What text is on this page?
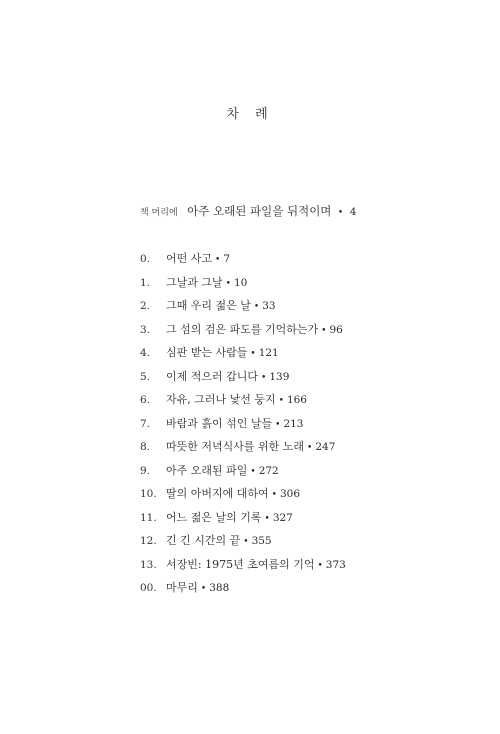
차 례
책 머리에 아주 오래된 파일을 뒤적이며 • 4
0.	어떤 사고 • 7
1.	그날과 그날 • 10
2.	그때 우리 젊은 날 • 33
3.	그 섬의 검은 파도를 기억하는가 • 96
4.	심판 받는 사람들 • 121
5.	이제 적으러 갑니다 • 139
6.	자유, 그러나 낯선 둥지 • 166
7.	바람과 흙이 섞인 날들 • 213
8.	따뜻한 저녁식사를 위한 노래 • 247
9.	아주 오래된 파일 • 272
10. 딸의 아버지에 대하여 • 306
11. 어느 젊은 날의 기록 • 327
12. 긴 긴 시간의 끝 • 355
13. 서장빈: 1975년 초여름의 기억 • 373
00. 마무리 • 388
